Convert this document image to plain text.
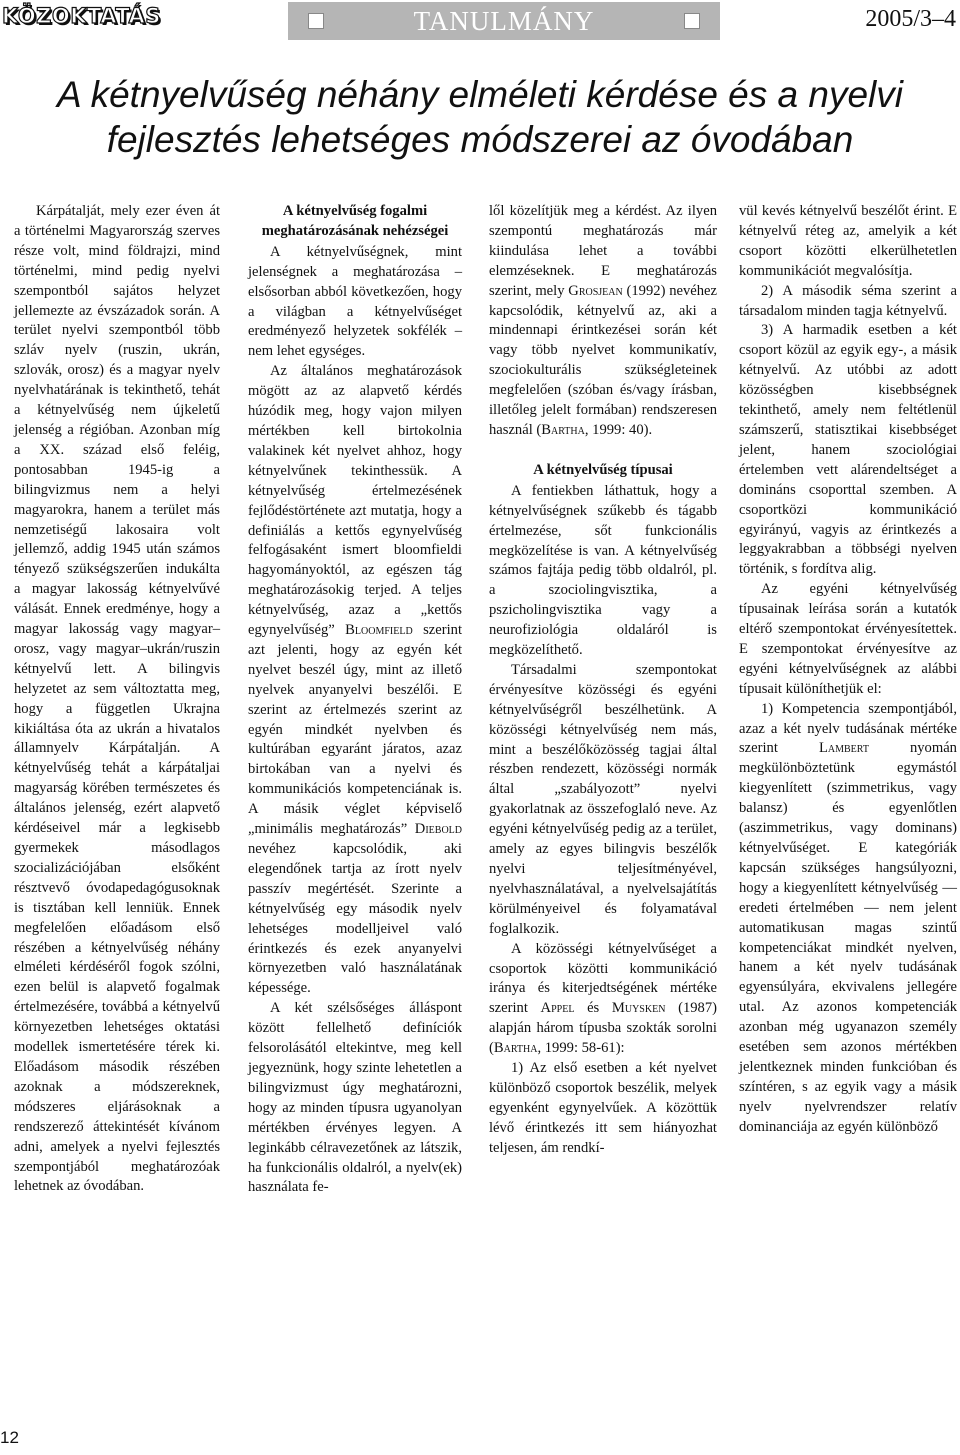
KÖZOKTATÁS	TANULMÁNY	2005/3–4
A kétnyelvűség néhány elméleti kérdése és a nyelvi
fejlesztés lehetséges módszerei az óvodában

Kárpátalját, mely ezer éven át a történelmi Magyarország szerves része volt, mind földrajzi, mind történelmi, mind pedig nyelvi szempontból sajátos helyzet jellemezte az évszázadok során. A terület nyelvi szempontból több szláv nyelv (ruszin, ukrán, szlovák, orosz) és a magyar nyelv nyelvhatárának is tekinthető, tehát a kétnyelvűség nem újkeletű jelenség a régióban. Azonban míg a XX. század első feléig, pontosabban 1945-ig a bilingvizmus nem a helyi magyarokra, hanem a terület más nemzetiségű lakosaira volt jellemző, addig 1945 után számos tényező szükségszerűen indukálta a magyar lakosság kétnyelvűvé válását. Ennek eredménye, hogy a magyar lakosság vagy magyar–orosz, vagy magyar–ukrán/ruszin kétnyelvű lett. A bilingvis helyzetet az sem változtatta meg, hogy a független Ukrajna kikiáltása óta az ukrán a hivatalos államnyelv Kárpátalján. A kétnyelvűség tehát a kárpátaljai magyarság körében természetes és általános jelenség, ezért alapvető kérdéseivel már a legkisebb gyermekek másodlagos szocializációjában elsőként résztvevő óvodapedagógusoknak is tisztában kell lenniük. Ennek megfelelően előadásom első részében a kétnyelvűség néhány elméleti kérdéséről fogok szólni, ezen belül is alapvető fogalmak értelmezésére, továbbá a kétnyelvű környezetben lehetséges oktatási modellek ismertetésére térek ki. Előadásom második részében azoknak a módszereknek, módszeres eljárásoknak a rendszerező áttekintését kívánom adni, amelyek a nyelvi fejlesztés szempontjából meghatározóak lehetnek az óvodában.

A kétnyelvűség fogalmi meghatározásának nehézségei

A kétnyelvűségnek, mint jelenségnek a meghatározása – elsősorban abból következően, hogy a világban a kétnyelvűséget eredményező helyzetek sokfélék – nem lehet egységes.

Az általános meghatározások mögött az az alapvető kérdés húzódik meg, hogy vajon milyen mértékben kell birtokolnia valakinek két nyelvet ahhoz, hogy kétnyelvűnek tekinthessük. A kétnyelvűség értelmezésének fejlődéstörténete azt mutatja, hogy a definiálás a kettős egynyelvűség felfogásaként ismert bloomfieldi hagyományoktól, az egészen tág meghatározásokig terjed. A teljes kétnyelvűség, azaz a „kettős egynyelvűség” Bloomfield szerint azt jelenti, hogy az egyén két nyelvet beszél úgy, mint az illető nyelvek anyanyelvi beszélői. E szerint az értelmezés szerint az egyén mindkét nyelvben és kultúrában egyaránt járatos, azaz birtokában van a nyelvi és kommunikációs kompetenciának is. A másik véglet képviselő „minimális meghatározás” Diebold nevéhez kapcsolódik, aki elegendőnek tartja az írott nyelv passzív megértését. Szerinte a kétnyelvűség egy második nyelv lehetséges modelljeivel való érintkezés és ezek anyanyelvi környezetben való használatának képessége.

A két szélsőséges álláspont között fellelhető definíciók felsorolásától eltekintve, meg kell jegyeznünk, hogy szinte lehetetlen a bilingvizmust úgy meghatározni, hogy az minden típusra ugyanolyan mértékben érvényes legyen. A leginkább célravezetőnek az látszik, ha funkcionális oldalról, a nyelv(ek) használata fe-

lől közelítjük meg a kérdést. Az ilyen szempontú meghatározás már kiindulása lehet a további elemzéseknek. E meghatározás szerint, mely Grosjean (1992) nevéhez kapcsolódik, kétnyelvű az, aki a mindennapi érintkezései során két vagy több nyelvet kommunikatív, szociokulturális szükségleteinek megfelelően (szóban és/vagy írásban, illetőleg jelelt formában) rendszeresen használ (Bartha, 1999: 40).

A kétnyelvűség típusai

A fentiekben láthattuk, hogy a kétnyelvűségnek szűkebb és tágabb értelmezése, sőt funkcionális megközelítése is van. A kétnyelvűség számos fajtája pedig több oldalról, pl. a szociolingvisztika, a pszicholingvisztika vagy a neurofiziológia oldaláról is megközelíthető.

Társadalmi szempontokat érvényesítve közösségi és egyéni kétnyelvűségről beszélhetünk. A közösségi kétnyelvűség nem más, mint a beszélőközösség tagjai által részben rendezett, közösségi normák által „szabályozott” nyelvi gyakorlatnak az összefoglaló neve. Az egyéni kétnyelvűség pedig az a terület, amely az egyes bilingvis beszélők nyelvi teljesítményével, nyelvhasználatával, a nyelvelsajátítás körülményeivel és folyamatával foglalkozik.

A közösségi kétnyelvűséget a csoportok közötti kommunikáció iránya és kiterjedtségének mértéke szerint Appel és Muysken (1987) alapján három típusba szokták sorolni (Bartha, 1999: 58-61):

1) Az első esetben a két nyelvet különböző csoportok beszélik, melyek egyenként egynyelvűek. A közöttük lévő érintkezés itt sem hiányozhat teljesen, ám rendkí-

vül kevés kétnyelvű beszélőt érint. E kétnyelvű réteg az, amelyik a két csoport közötti elkerülhetetlen kommunikációt megvalósítja.

2) A második séma szerint a társadalom minden tagja kétnyelvű.

3) A harmadik esetben a két csoport közül az egyik egy-, a másik kétnyelvű. Az utóbbi az adott közösségben kisebbségnek tekinthető, amely nem feltétlenül számszerű, statisztikai kisebbséget jelent, hanem szociológiai értelemben vett alárendeltséget a domináns csoporttal szemben. A csoportközi kommunikáció egyirányú, vagyis az érintkezés a leggyakrabban a többségi nyelven történik, s fordítva alig.

Az egyéni kétnyelvűség típusainak leírása során a kutatók eltérő szempontokat érvényesítettek. E szempontokat érvényesítve az egyéni kétnyelvűségnek az alábbi típusait különíthetjük el:

1) Kompetencia szempontjából, azaz a két nyelv tudásának mértéke szerint	Lambert	nyomán megkülönböztetünk egymástól kiegyenlített (szimmetrikus, vagy balansz) és egyenlőtlen (aszimmetrikus, vagy dominans) kétnyelvűséget. E kategóriák kapcsán szükséges hangsúlyozni, hogy a kiegyenlített kétnyelvűség — eredeti értelmében — nem jelent automatikusan magas szintű kompetenciákat mindkét nyelven, hanem a két nyelv tudásának egyensúlyára, ekvivalens jellegére utal. Az azonos kompetenciák azonban még ugyanazon személy esetében sem azonos mértékben jelentkeznek minden funkcióban és színtéren, s az egyik vagy a másik nyelv nyelvrendszer relatív dominanciája az egyén különböző

12
